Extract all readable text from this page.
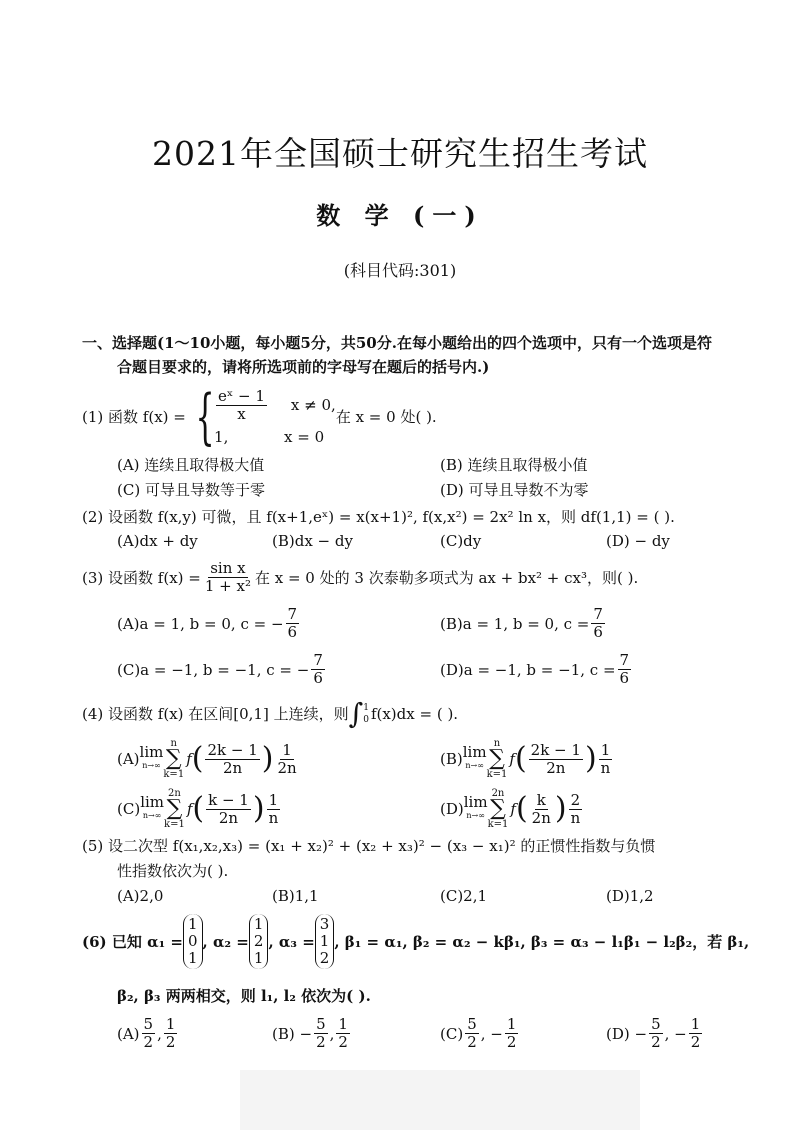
2021年全国硕士研究生招生考试
数 学 (一)
(科目代码:301)
一、选择题(1～10小题，每小题5分，共50分.在每小题给出的四个选项中，只有一个选项是符
合题目要求的，请将所选项前的字母写在题后的括号内.)
(1) 函数 f(x) = { $\frac{\text{eˣ − 1}}{x}$ x ≠ 0,
1,	x = 0
在 x = 0 处( ).
(A) 连续且取得极大值	(B) 连续且取得极小值
(C) 可导且导数等于零	(D) 可导且导数不为零
(2) 设函数 f(x,y) 可微，且 f(x+1,eˣ) = x(x+1)², f(x,x²) = 2x² ln x，则 df(1,1) = ( ).
(A)dx + dy	(B)dx − dy	(C)dy	(D) − dy
(3) 设函数 $f(x) = \frac{\text{sin x}}{\text{1 + x²}}$ 在 x = 0 处的 3 次泰勒多项式为 ax + bx² + cx³，则( ).
(A)a = 1, b = 0, c = − $\frac{7}{6}$	(B)a = 1, b = 0, $c = \frac{7}{6}$
(C)a = −1, b = −1, c = − $\frac{7}{6}$	(D)a = −1, b = −1, $c = \frac{7}{6}$
(4) 设函数 f(x) 在区间[0,1] 上连续，则 ∫ 1
0 f(x)dx = ( ).
(A) lim
n→∞
n
∑
k=1
f ( $\frac{2k - 1}{2n}$ ) $\frac{1}{2n}$	(B) lim
n→∞
n
∑
k=1
f ( $\frac{2k - 1}{2n}$ ) $\frac{1}{n}$
(C) lim
n→∞
2n
∑
k=1
f ( $\frac{k - 1}{2n}$ ) $\frac{1}{n}$	(D) lim
n→∞
2n
∑
k=1
f ( $\frac{k}{2n}$ ) $\frac{2}{n}$
(5) 设二次型 f(x₁,x₂,x₃) = (x₁ + x₂)² + (x₂ + x₃)² − (x₃ − x₁)² 的正惯性指数与负惯
性指数依次为( ).
(A)2,0	(B)1,1	(C)2,1	(D)1,2
(6) 已知 α₁ =
1
0
1
, α₂ =
1
2
1
, α₃ =
3
1
2
, β₁ = α₁, β₂ = α₂ − kβ₁, β₃ = α₃ − l₁β₁ − l₂β₂，若 β₁,
β₂, β₃ 两两相交，则 l₁, l₂ 依次为( ).
$(A) \frac{5}{2}$ , $\frac{1}{2}$	$(B) - \frac{5}{2}$ , $\frac{1}{2}$	$(C) \frac{5}{2}$ , − $\frac{1}{2}$	$(D) - \frac{5}{2}$ , − $\frac{1}{2}$
